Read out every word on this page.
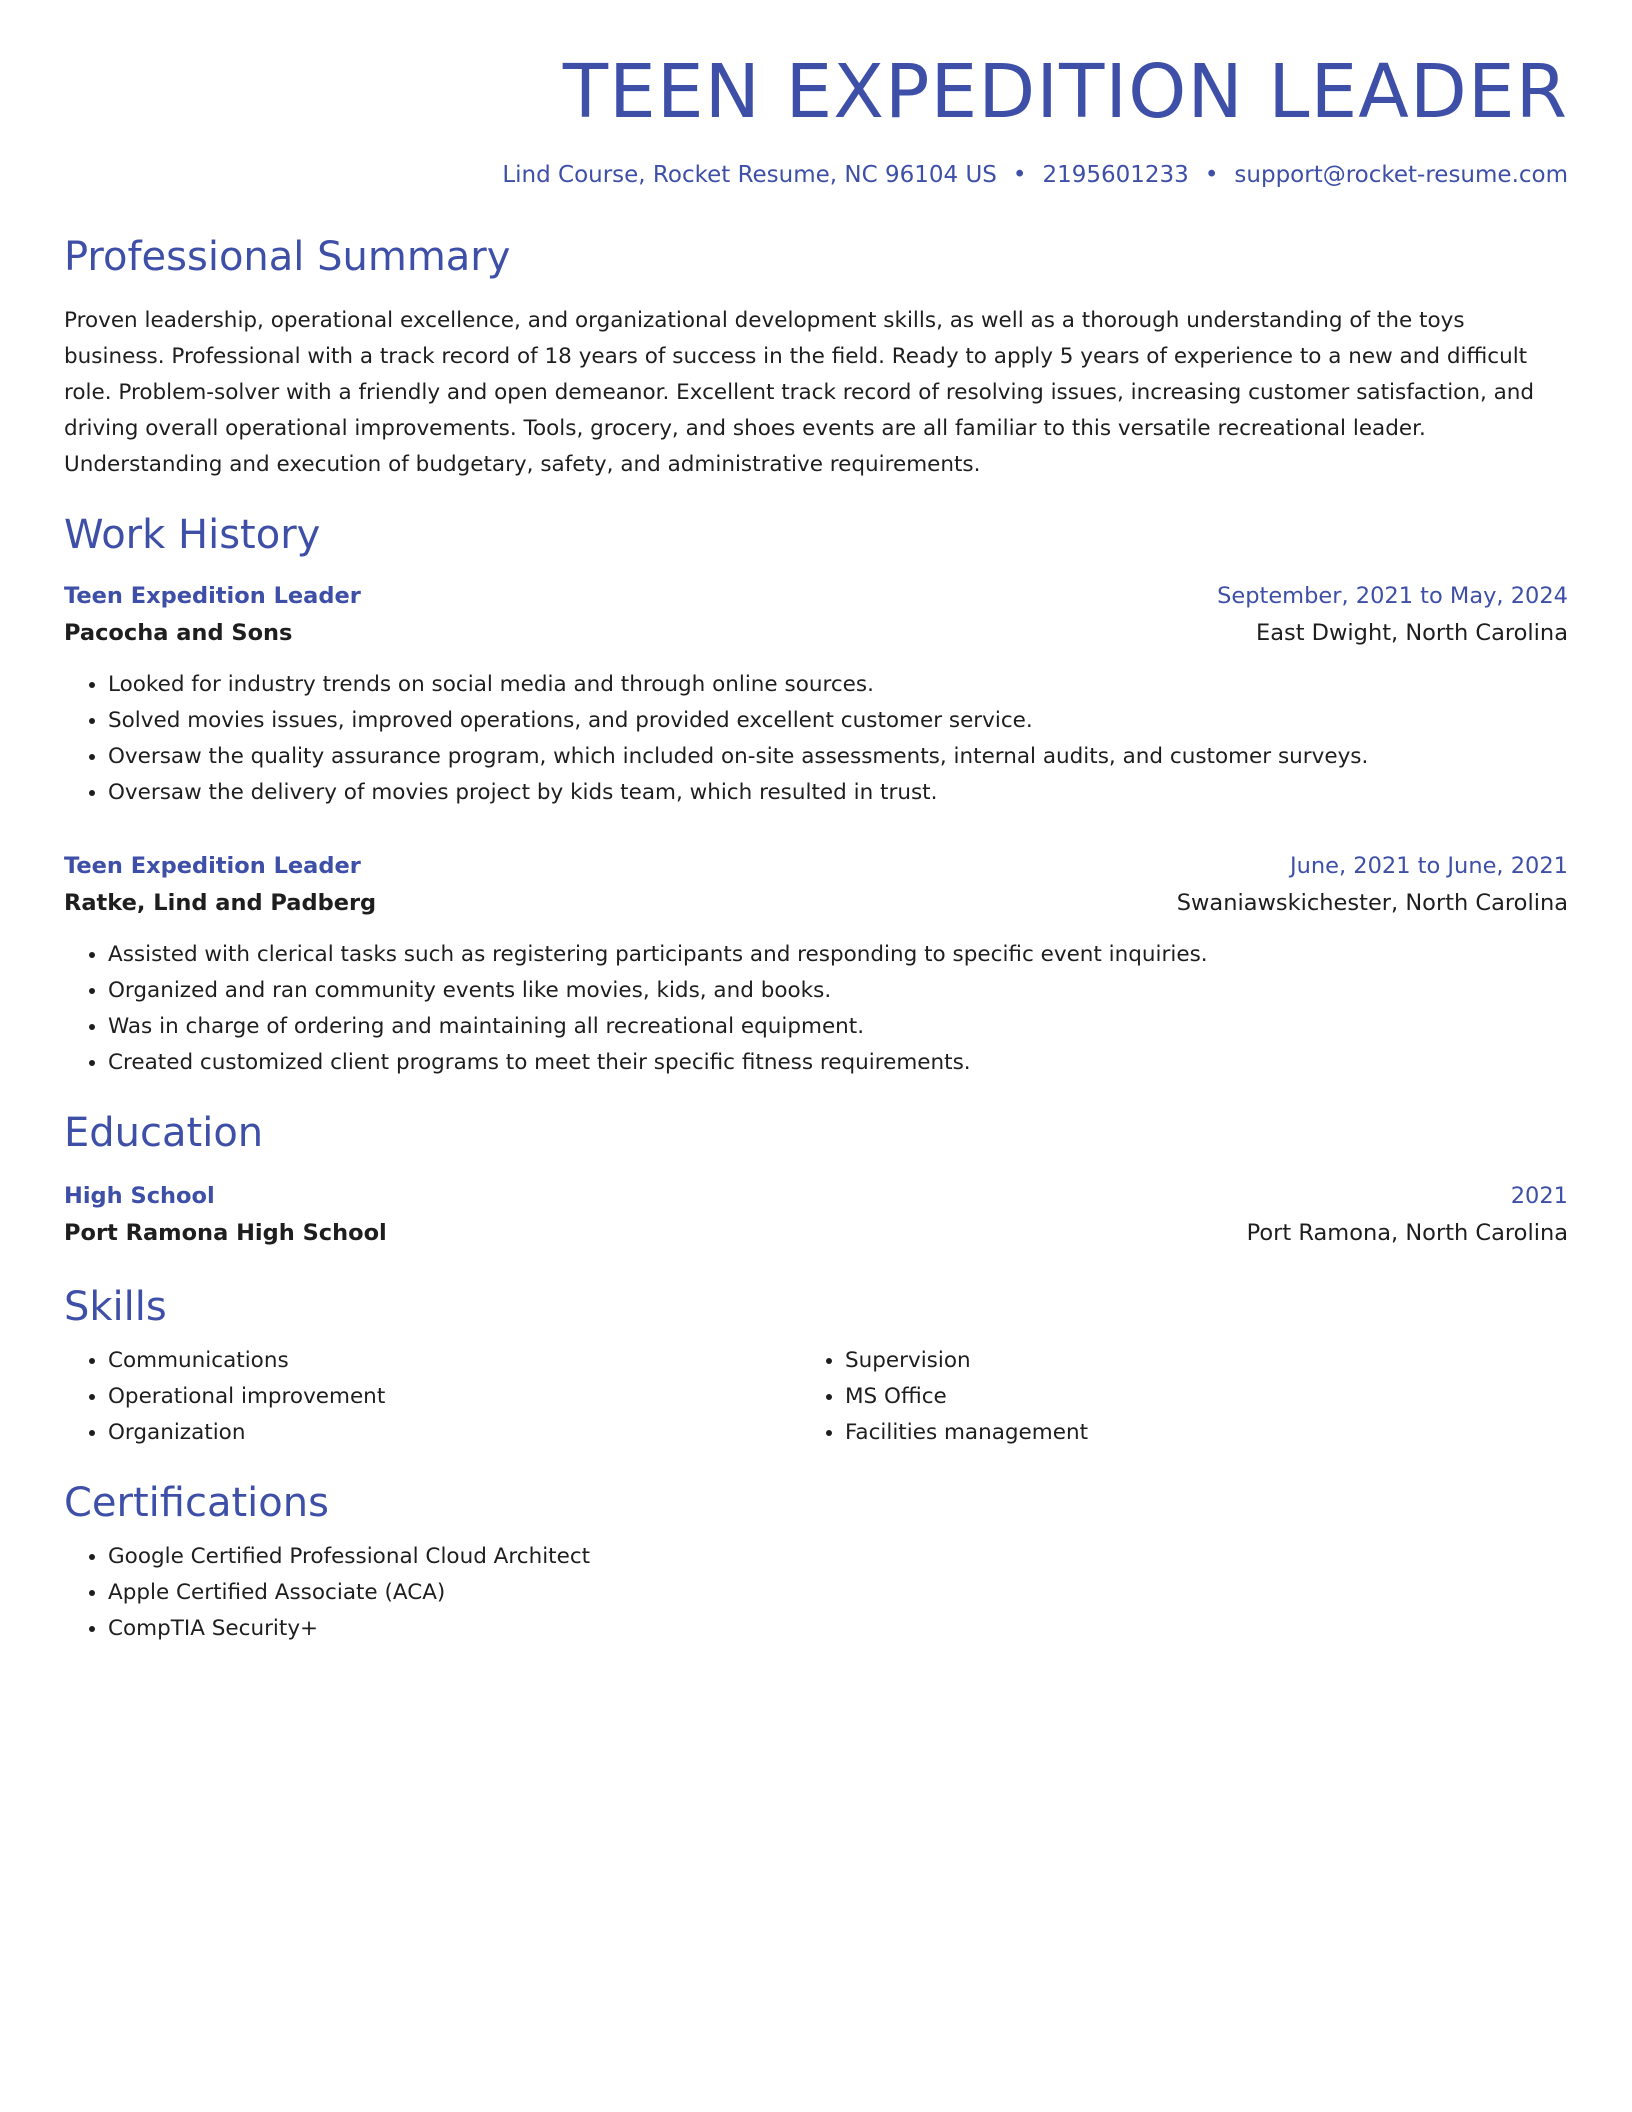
TEEN EXPEDITION LEADER
Lind Course, Rocket Resume, NC 96104 US • 2195601233 • support@rocket-resume.com
Professional Summary

Proven leadership, operational excellence, and organizational development skills, as well as a thorough understanding of the toys business. Professional with a track record of 18 years of success in the field. Ready to apply 5 years of experience to a new and difficult role. Problem-solver with a friendly and open demeanor. Excellent track record of resolving issues, increasing customer satisfaction, and driving overall operational improvements. Tools, grocery, and shoes events are all familiar to this versatile recreational leader. Understanding and execution of budgetary, safety, and administrative requirements.

Work History
Teen Expedition Leader	September, 2021 to May, 2024
Pacocha and Sons	East Dwight, North Carolina
• Looked for industry trends on social media and through online sources.
• Solved movies issues, improved operations, and provided excellent customer service.
• Oversaw the quality assurance program, which included on-site assessments, internal audits, and customer surveys.
• Oversaw the delivery of movies project by kids team, which resulted in trust.
Teen Expedition Leader	June, 2021 to June, 2021
Ratke, Lind and Padberg	Swaniawskichester, North Carolina
• Assisted with clerical tasks such as registering participants and responding to specific event inquiries.
• Organized and ran community events like movies, kids, and books.
• Was in charge of ordering and maintaining all recreational equipment.
• Created customized client programs to meet their specific fitness requirements.
Education
High School	2021
Port Ramona High School	Port Ramona, North Carolina
Skills
• Communications
• Operational improvement
• Organization
• Supervision
• MS Office
• Facilities management
Certifications
• Google Certified Professional Cloud Architect
• Apple Certified Associate (ACA)
• CompTIA Security+
